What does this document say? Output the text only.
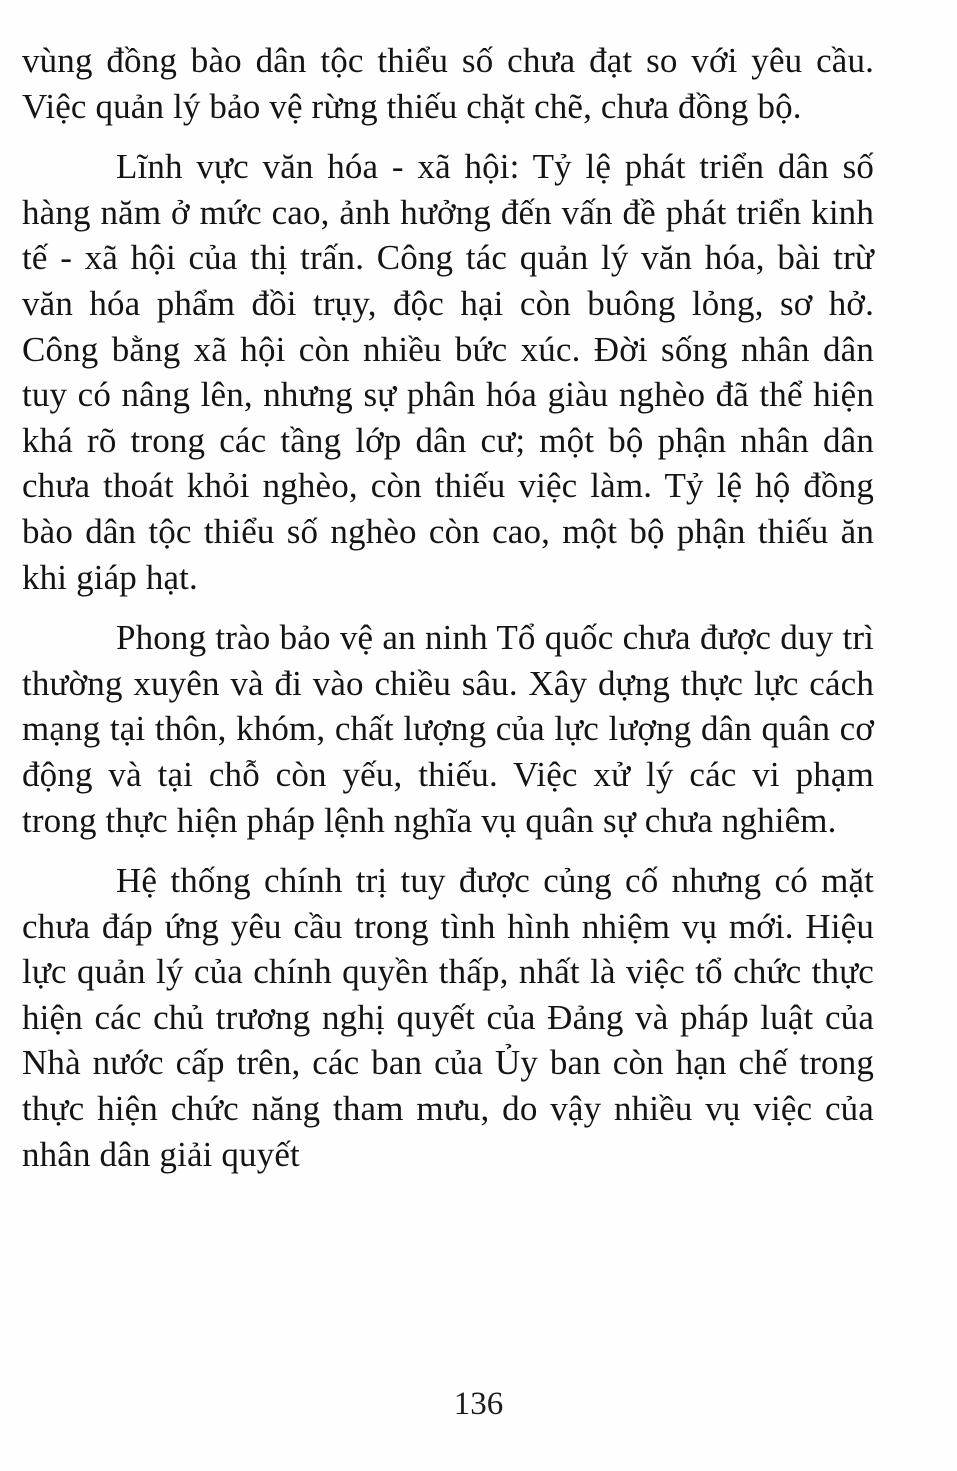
vùng đồng bào dân tộc thiểu số chưa đạt so với yêu cầu. Việc quản lý bảo vệ rừng thiếu chặt chẽ, chưa đồng bộ.

Lĩnh vực văn hóa - xã hội: Tỷ lệ phát triển dân số hàng năm ở mức cao, ảnh hưởng đến vấn đề phát triển kinh tế - xã hội của thị trấn. Công tác quản lý văn hóa, bài trừ văn hóa phẩm đồi trụy, độc hại còn buông lỏng, sơ hở. Công bằng xã hội còn nhiều bức xúc. Đời sống nhân dân tuy có nâng lên, nhưng sự phân hóa giàu nghèo đã thể hiện khá rõ trong các tầng lớp dân cư; một bộ phận nhân dân chưa thoát khỏi nghèo, còn thiếu việc làm. Tỷ lệ hộ đồng bào dân tộc thiểu số nghèo còn cao, một bộ phận thiếu ăn khi giáp hạt.

Phong trào bảo vệ an ninh Tổ quốc chưa được duy trì thường xuyên và đi vào chiều sâu. Xây dựng thực lực cách mạng tại thôn, khóm, chất lượng của lực lượng dân quân cơ động và tại chỗ còn yếu, thiếu. Việc xử lý các vi phạm trong thực hiện pháp lệnh nghĩa vụ quân sự chưa nghiêm.

Hệ thống chính trị tuy được củng cố nhưng có mặt chưa đáp ứng yêu cầu trong tình hình nhiệm vụ mới. Hiệu lực quản lý của chính quyền thấp, nhất là việc tổ chức thực hiện các chủ trương nghị quyết của Đảng và pháp luật của Nhà nước cấp trên, các ban của Ủy ban còn hạn chế trong thực hiện chức năng tham mưu, do vậy nhiều vụ việc của nhân dân giải quyết

136
